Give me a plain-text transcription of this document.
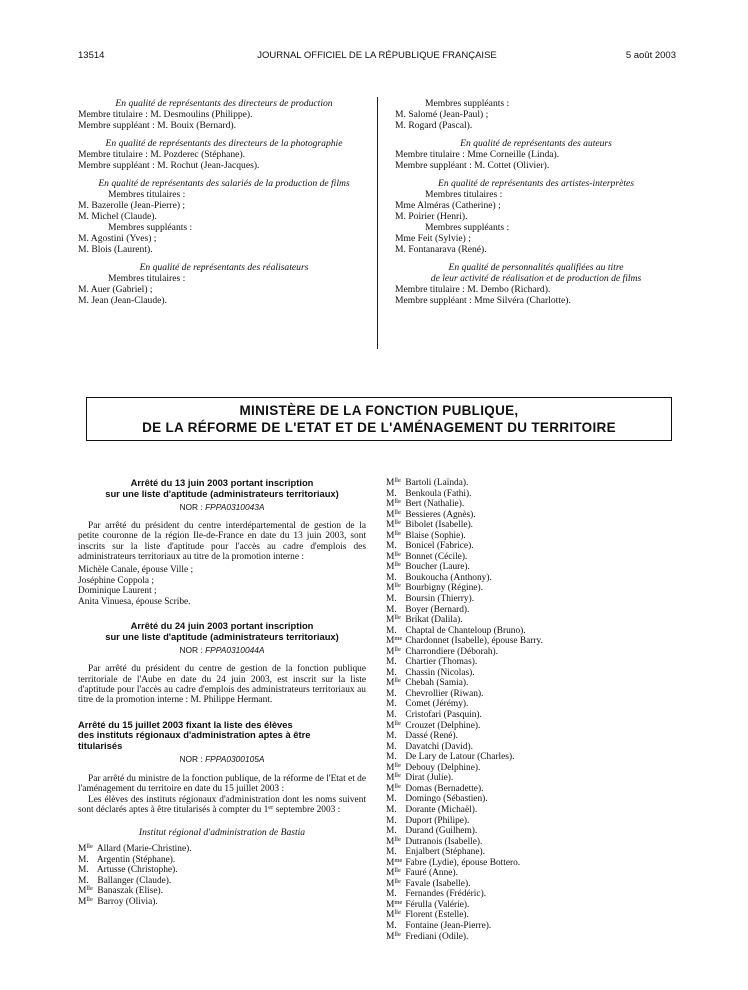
13514	JOURNAL OFFICIEL DE LA RÉPUBLIQUE FRANÇAISE	5 août 2003
En qualité de représentants des directeurs de production
Membre titulaire : M. Desmoulins (Philippe).
Membre suppléant : M. Bouix (Bernard).
En qualité de représentants des directeurs de la photographie
Membre titulaire : M. Pozderec (Stéphane).
Membre suppléant : M. Rochut (Jean-Jacques).
En qualité de représentants des salariés de la production de films
Membres titulaires :
M. Bazerolle (Jean-Pierre) ;
M. Michel (Claude).
Membres suppléants :
M. Agostini (Yves) ;
M. Blois (Laurent).
En qualité de représentants des réalisateurs
Membres titulaires :
M. Auer (Gabriel) ;
M. Jean (Jean-Claude).
Membres suppléants :
M. Salomé (Jean-Paul) ;
M. Rogard (Pascal).
En qualité de représentants des auteurs
Membre titulaire : Mme Corneille (Linda).
Membre suppléant : M. Cottet (Olivier).
En qualité de représentants des artistes-interprètes
Membres titulaires :
Mme Alméras (Catherine) ;
M. Poirier (Henri).
Membres suppléants :
Mme Feit (Sylvie) ;
M. Fontanarava (René).
En qualité de personnalités qualifiées au titre
de leur activité de réalisation et de production de films
Membre titulaire : M. Dembo (Richard).
Membre suppléant : Mme Silvéra (Charlotte).
MINISTÈRE DE LA FONCTION PUBLIQUE,
DE LA RÉFORME DE L'ETAT ET DE L'AMÉNAGEMENT DU TERRITOIRE
Arrêté du 13 juin 2003 portant inscription
sur une liste d'aptitude (administrateurs territoriaux)
NOR : FPPA0310043A
Par arrêté du président du centre interdépartemental de gestion de la petite couronne de la région Ile-de-France en date du 13 juin 2003, sont inscrits sur la liste d'aptitude pour l'accès au cadre d'emplois des administrateurs territoriaux au titre de la promotion interne :
Michèle Canale, épouse Ville ;
Joséphine Coppola ;
Dominique Laurent ;
Anita Vinuesa, épouse Scribe.
Arrêté du 24 juin 2003 portant inscription
sur une liste d'aptitude (administrateurs territoriaux)
NOR : FPPA0310044A
Par arrêté du président du centre de gestion de la fonction publique territoriale de l'Aube en date du 24 juin 2003, est inscrit sur la liste d'aptitude pour l'accès au cadre d'emplois des administrateurs territoriaux au titre de la promotion interne : M. Philippe Hermant.
Arrêté du 15 juillet 2003 fixant la liste des élèves
des instituts régionaux d'administration aptes à être
titularisés
NOR : FPPA0300105A
Par arrêté du ministre de la fonction publique, de la réforme de l'Etat et de l'aménagement du territoire en date du 15 juillet 2003 :
Les élèves des instituts régionaux d'administration dont les noms suivent sont déclarés aptes à être titularisés à compter du 1er septembre 2003 :
Institut régional d'administration de Bastia
$M^{lle}$ Allard (Marie-Christine).
M. Argentin (Stéphane).
M. Artusse (Christophe).
M. Ballanger (Claude).
$M^{lle}$ Banaszak (Elise).
$M^{lle}$ Barroy (Olivia).
$M^{lle}$ Bartoli (Laïnda).
M. Benkoula (Fathi).
$M^{lle}$ Bert (Nathalie).
$M^{lle}$ Bessieres (Agnès).
$M^{lle}$ Bibolet (Isabelle).
$M^{lle}$ Blaise (Sophie).
M. Bonicel (Fabrice).
$M^{lle}$ Bonnet (Cécile).
$M^{lle}$ Boucher (Laure).
M. Boukoucha (Anthony).
$M^{lle}$ Bourbigny (Régine).
M. Boursin (Thierry).
M. Boyer (Bernard).
$M^{lle}$ Brikat (Dalila).
M. Chaptal de Chanteloup (Bruno).
$M^{me}$ Chardonnet (Isabelle), épouse Barry.
$M^{lle}$ Charrondiere (Déborah).
M. Chartier (Thomas).
M. Chassin (Nicolas).
$M^{lle}$ Chebah (Samia).
M. Chevrollier (Riwan).
M. Comet (Jérémy).
M. Cristofari (Pasquin).
$M^{lle}$ Crouzet (Delphine).
M. Dassé (René).
M. Davatchi (David).
M. De Lary de Latour (Charles).
$M^{lle}$ Debouy (Delphine).
$M^{lle}$ Dirat (Julie).
$M^{lle}$ Domas (Bernadette).
M. Domingo (Sébastien).
M. Dorante (Michaël).
M. Duport (Philipe).
M. Durand (Guilhem).
$M^{lle}$ Dutranois (Isabelle).
M. Enjalbert (Stéphane).
$M^{me}$ Fabre (Lydie), épouse Bottero.
$M^{lle}$ Fauré (Anne).
$M^{lle}$ Favale (Isabelle).
M. Fernandes (Frédéric).
$M^{me}$ Férulla (Valérie).
$M^{lle}$ Florent (Estelle).
M. Fontaine (Jean-Pierre).
$M^{lle}$ Frediani (Odile).
